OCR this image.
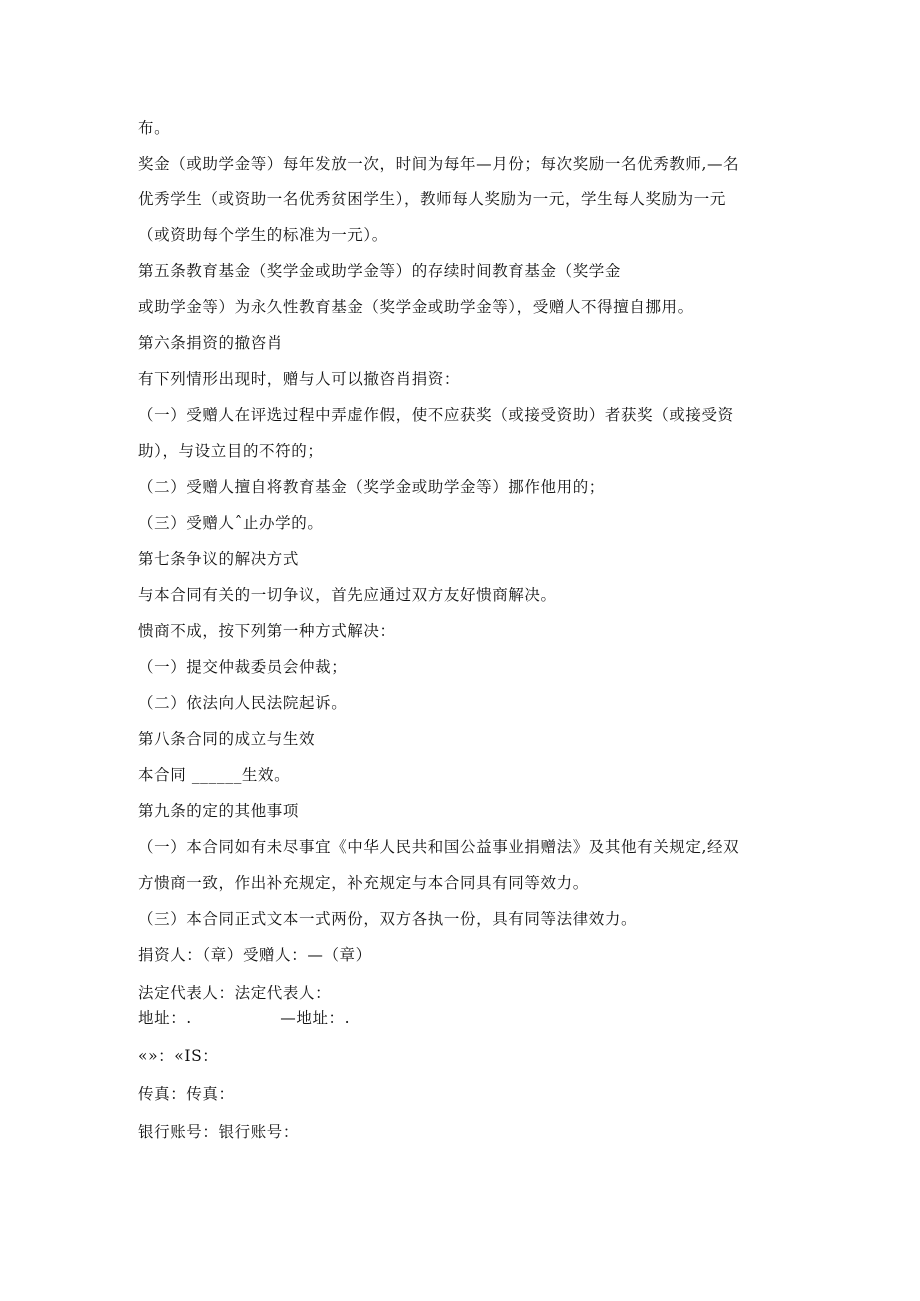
布。
奖金（或助学金等）每年发放一次，时间为每年—月份；每次奖励一名优秀教师,—名
优秀学生（或资助一名优秀贫困学生），教师每人奖励为一元，学生每人奖励为一元
（或资助每个学生的标准为一元）。
第五条教育基金（奖学金或助学金等）的存续时间教育基金（奖学金
或助学金等）为永久性教育基金（奖学金或助学金等），受赠人不得擅自挪用。
第六条捐资的撤咨肖
有下列情形出现时，赠与人可以撤咨肖捐资：
（一）受赠人在评选过程中弄虚作假，使不应获奖（或接受资助）者获奖（或接受资
助），与设立目的不符的；
（二）受赠人擅自将教育基金（奖学金或助学金等）挪作他用的；
（三）受赠人ˆ止办学的。
第七条争议的解决方式
与本合同有关的一切争议，首先应通过双方友好愦商解决。
愦商不成，按下列第一种方式解决：
（一）提交仲裁委员会仲裁；
（二）依法向人民法院起诉。
第八条合同的成立与生效
本合同 ______生效。
第九条的定的其他事项
（一）本合同如有未尽事宜《中华人民共和国公益事业捐赠法》及其他有关规定,经双
方愦商一致，作出补充规定，补充规定与本合同具有同等效力。
（三）本合同正式文本一式两份，双方各执一份，具有同等法律效力。
捐资人：（章）受赠人：—（章）
法定代表人：法定代表人：
地址：.                —地址：.
«»：«IS：
传真：传真：
银行账号：银行账号：
